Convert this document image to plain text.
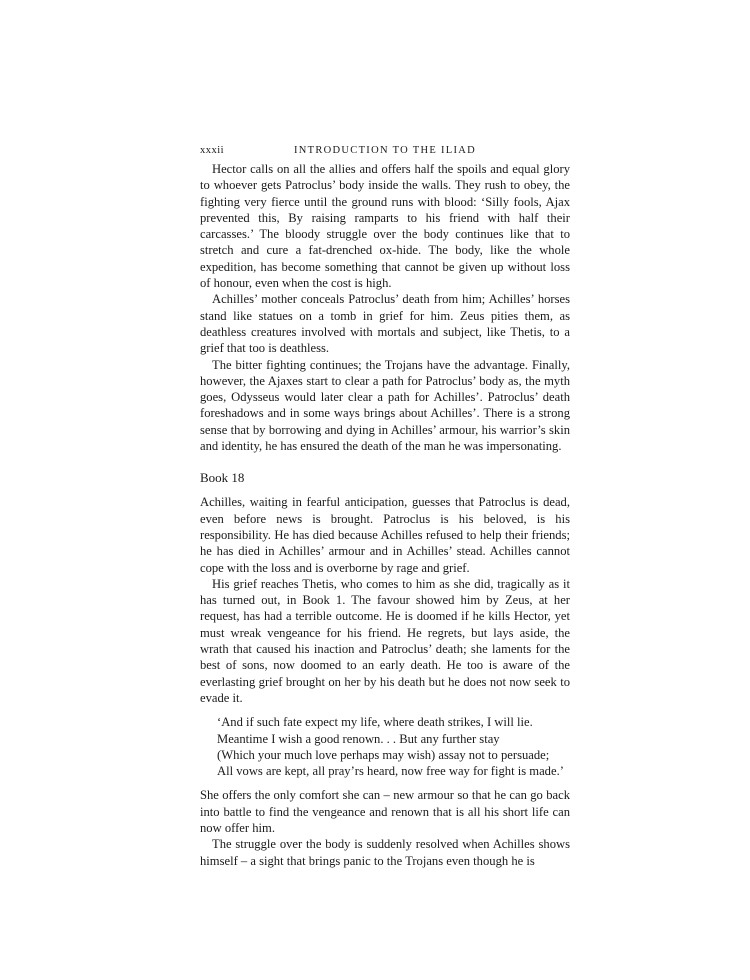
xxxii	INTRODUCTION TO THE ILIAD

Hector calls on all the allies and offers half the spoils and equal glory to whoever gets Patroclus’ body inside the walls. They rush to obey, the fighting very fierce until the ground runs with blood: ‘Silly fools, Ajax prevented this, By raising ramparts to his friend with half their carcasses.’ The bloody struggle over the body continues like that to stretch and cure a fat-drenched ox-hide. The body, like the whole expedition, has become something that cannot be given up without loss of honour, even when the cost is high.

Achilles’ mother conceals Patroclus’ death from him; Achilles’ horses stand like statues on a tomb in grief for him. Zeus pities them, as deathless creatures involved with mortals and subject, like Thetis, to a grief that too is deathless.

The bitter fighting continues; the Trojans have the advantage. Finally, however, the Ajaxes start to clear a path for Patroclus’ body as, the myth goes, Odysseus would later clear a path for Achilles’. Patroclus’ death foreshadows and in some ways brings about Achilles’. There is a strong sense that by borrowing and dying in Achilles’ armour, his warrior’s skin and identity, he has ensured the death of the man he was impersonating.

Book 18

Achilles, waiting in fearful anticipation, guesses that Patroclus is dead, even before news is brought. Patroclus is his beloved, is his responsibility. He has died because Achilles refused to help their friends; he has died in Achilles’ armour and in Achilles’ stead. Achilles cannot cope with the loss and is overborne by rage and grief.

His grief reaches Thetis, who comes to him as she did, tragically as it has turned out, in Book 1. The favour showed him by Zeus, at her request, has had a terrible outcome. He is doomed if he kills Hector, yet must wreak vengeance for his friend. He regrets, but lays aside, the wrath that caused his inaction and Patroclus’ death; she laments for the best of sons, now doomed to an early death. He too is aware of the everlasting grief brought on her by his death but he does not now seek to evade it.

‘And if such fate expect my life, where death strikes, I will lie.
Meantime I wish a good renown. . . But any further stay
(Which your much love perhaps may wish) assay not to persuade;
All vows are kept, all pray’rs heard, now free way for fight is made.’

She offers the only comfort she can – new armour so that he can go back into battle to find the vengeance and renown that is all his short life can now offer him.

The struggle over the body is suddenly resolved when Achilles shows himself – a sight that brings panic to the Trojans even though he is
